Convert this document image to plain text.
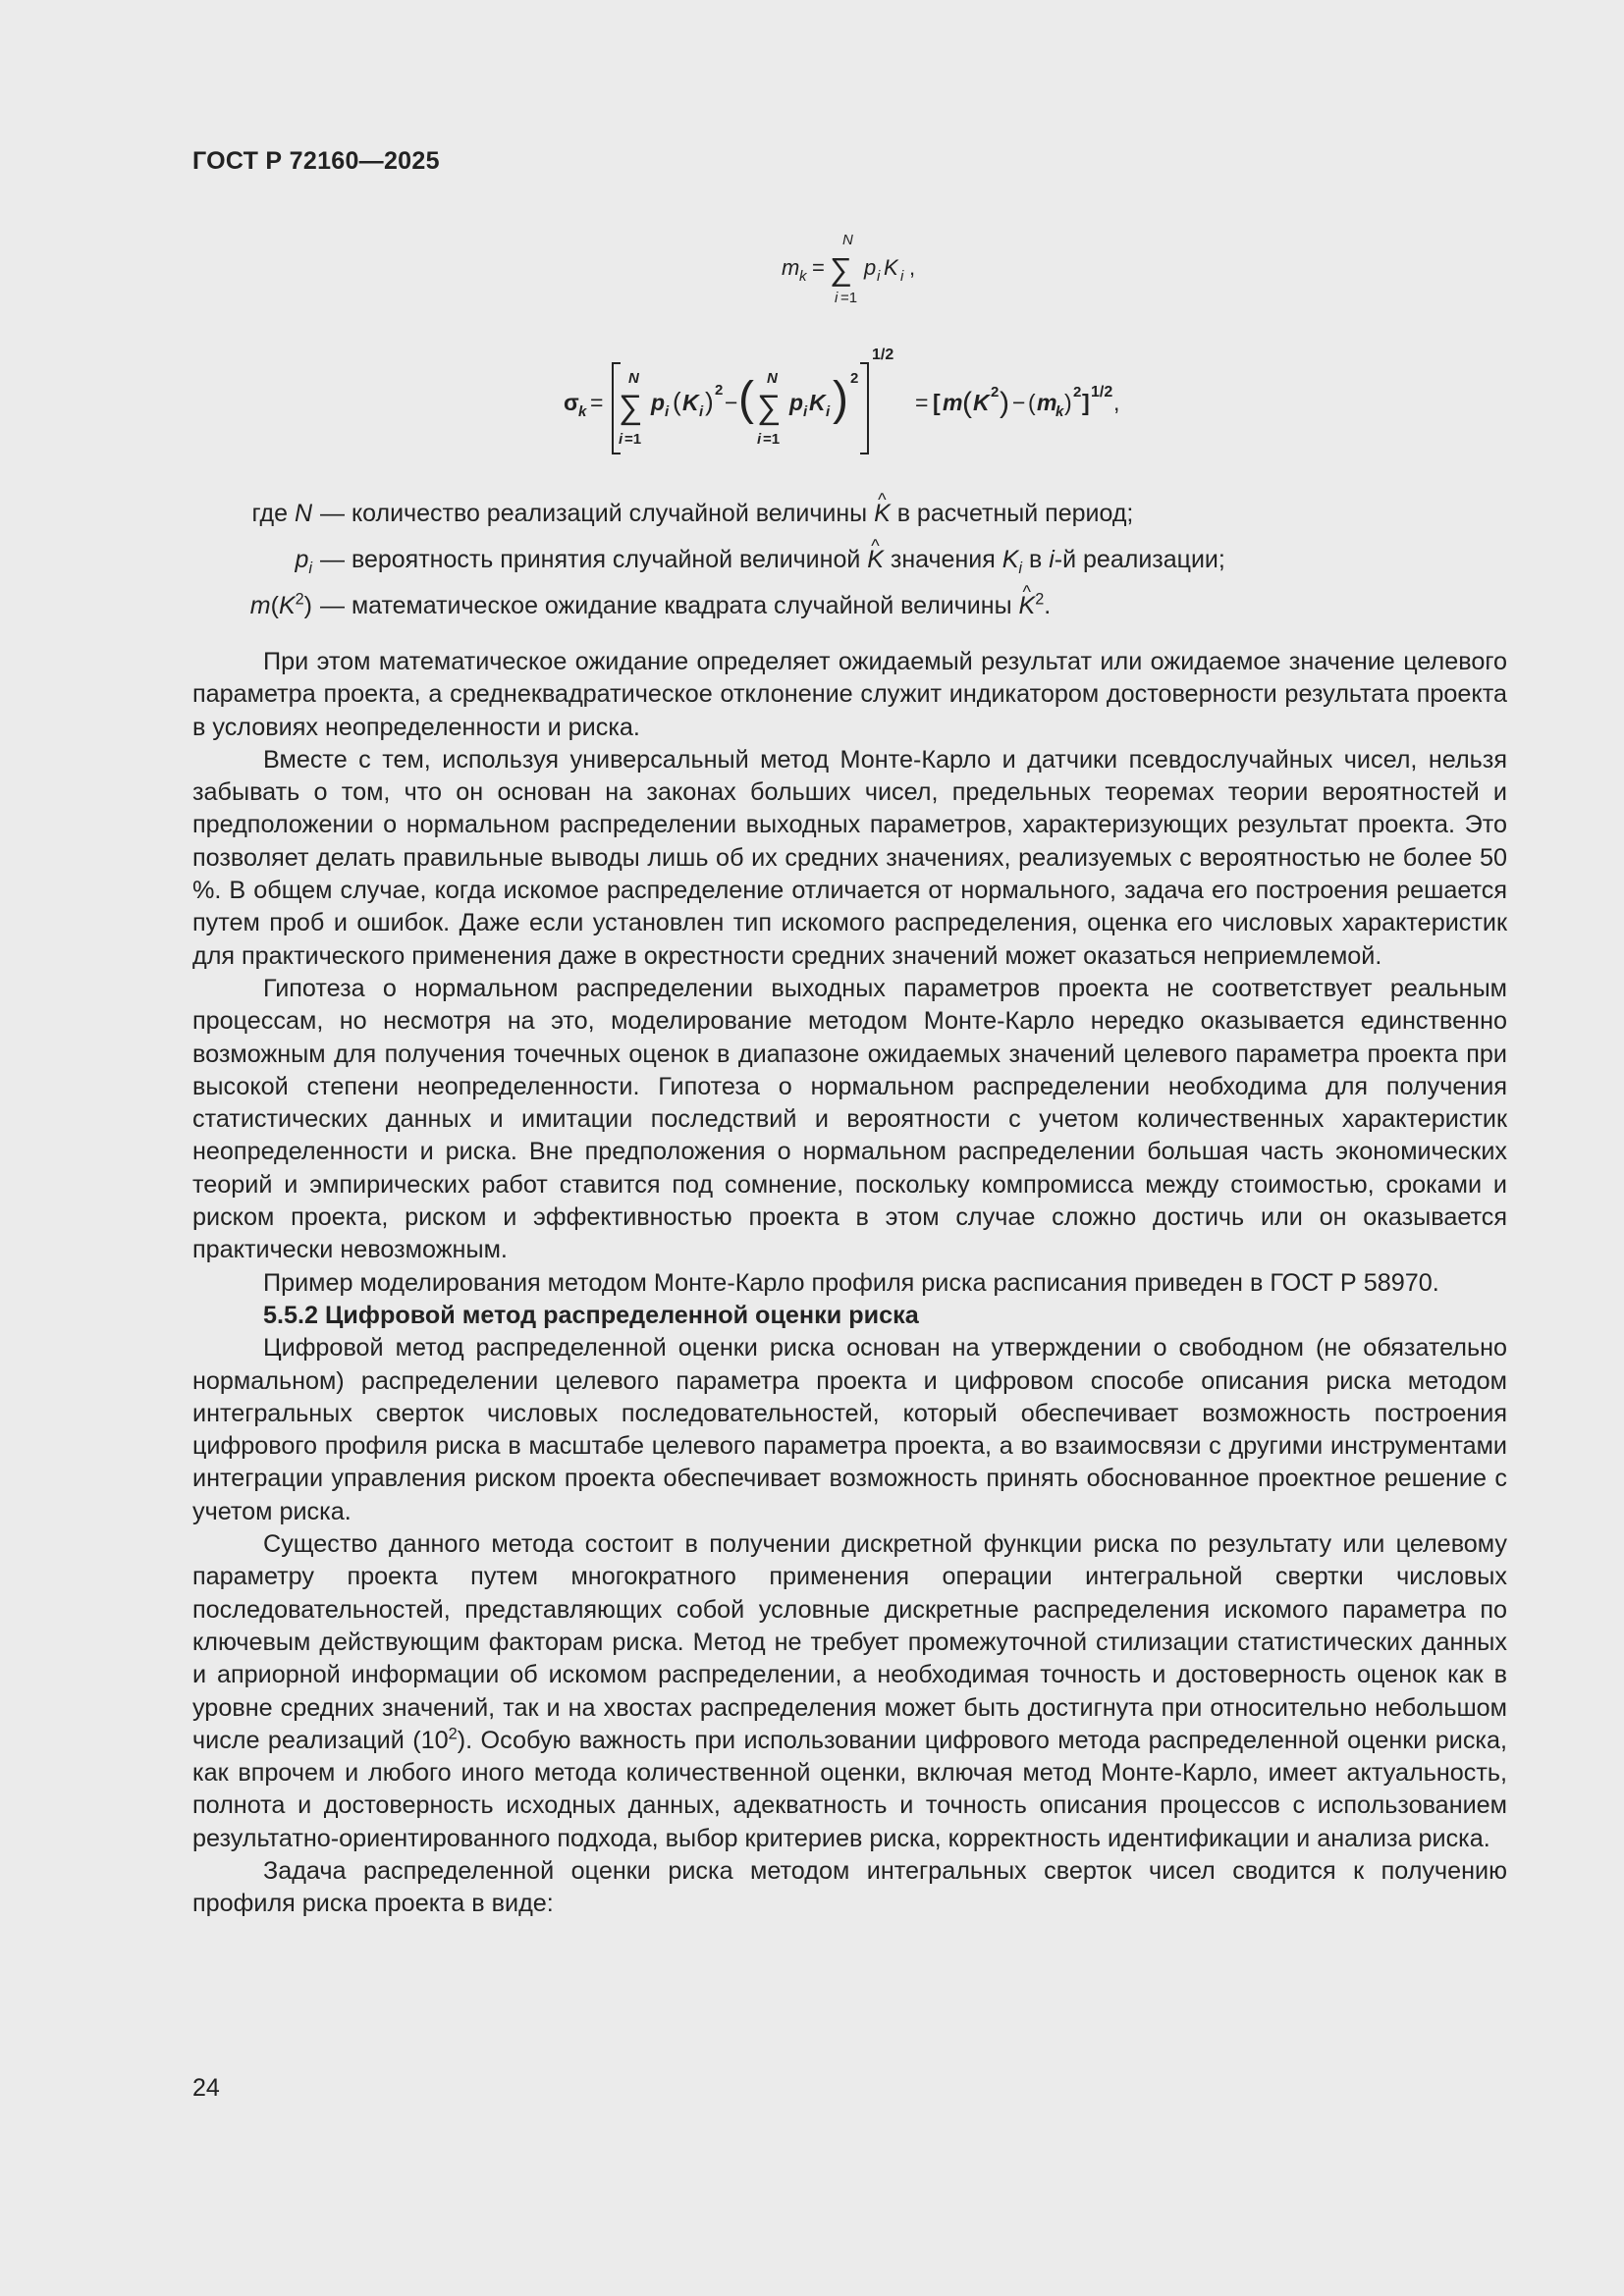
ГОСТ Р 72160—2025
m k =
N
∑
i =1
p i K i ,
σ k =
N
∑
i =1
p i ( K i ) 2 − ( N
∑
i =1
p i K i ) 2
1/2
= [ m ( K 2 ) − ( m
k ) 2 ] 1/2 ,
где N — количество реализаций случайной величины ^ K в расчетный период;
$p_i$ — вероятность принятия случайной величиной ^ K значения $K_i$ в i-й реализации;
$m(K^2)$ — математическое ожидание квадрата случайной величины ^ $K^2$.

При этом математическое ожидание определяет ожидаемый результат или ожидаемое значение целевого параметра проекта, а среднеквадратическое отклонение служит индикатором достоверности результата проекта в условиях неопределенности и риска.

Вместе с тем, используя универсальный метод Монте-Карло и датчики псевдослучайных чисел, нельзя забывать о том, что он основан на законах больших чисел, предельных теоремах теории вероятностей и предположении о нормальном распределении выходных параметров, характеризующих результат проекта. Это позволяет делать правильные выводы лишь об их средних значениях, реализуемых с вероятностью не более 50 %. В общем случае, когда искомое распределение отличается от нормального, задача его построения решается путем проб и ошибок. Даже если установлен тип искомого распределения, оценка его числовых характеристик для практического применения даже в окрестности средних значений может оказаться неприемлемой.

Гипотеза о нормальном распределении выходных параметров проекта не соответствует реальным процессам, но несмотря на это, моделирование методом Монте-Карло нередко оказывается единственно возможным для получения точечных оценок в диапазоне ожидаемых значений целевого параметра проекта при высокой степени неопределенности. Гипотеза о нормальном распределении необходима для получения статистических данных и имитации последствий и вероятности с учетом количественных характеристик неопределенности и риска. Вне предположения о нормальном распределении большая часть экономических теорий и эмпирических работ ставится под сомнение, поскольку компромисса между стоимостью, сроками и риском проекта, риском и эффективностью проекта в этом случае сложно достичь или он оказывается практически невозможным.

Пример моделирования методом Монте-Карло профиля риска расписания приведен в ГОСТ Р 58970.

5.5.2 Цифровой метод распределенной оценки риска

Цифровой метод распределенной оценки риска основан на утверждении о свободном (не обязательно нормальном) распределении целевого параметра проекта и цифровом способе описания риска методом интегральных сверток числовых последовательностей, который обеспечивает возможность построения цифрового профиля риска в масштабе целевого параметра проекта, а во взаимосвязи с другими инструментами интеграции управления риском проекта обеспечивает возможность принять обоснованное проектное решение с учетом риска.

Существо данного метода состоит в получении дискретной функции риска по результату или целевому параметру проекта путем многократного применения операции интегральной свертки числовых последовательностей, представляющих собой условные дискретные распределения искомого параметра по ключевым действующим факторам риска. Метод не требует промежуточной стилизации статистических данных и априорной информации об искомом распределении, а необходимая точность и достоверность оценок как в уровне средних значений, так и на хвостах распределения может быть достигнута при относительно небольшом числе реализаций $(10^2)$. Особую важность при использовании цифрового метода распределенной оценки риска, как впрочем и любого иного метода количественной оценки, включая метод Монте-Карло, имеет актуальность, полнота и достоверность исходных данных, адекватность и точность описания процессов с использованием результатно-ориентированного подхода, выбор критериев риска, корректность идентификации и анализа риска.

Задача распределенной оценки риска методом интегральных сверток чисел сводится к получению профиля риска проекта в виде:

24
